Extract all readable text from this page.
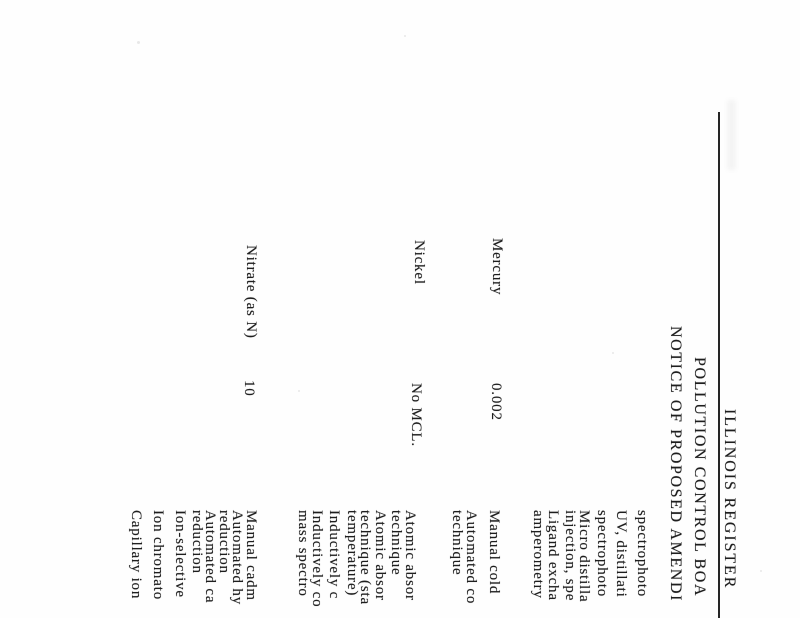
ILLINOIS REGISTER
POLLUTION CONTROL BOA
NOTICE OF PROPOSED AMENDI
spectrophoto
UV, distillati
spectrophoto
Micro distilla
injection, spe
Ligand excha
amperometry
Mercury
0.002
Manual cold
Automated co
technique
Nickel
No MCL.
Atomic absor
technique
Atomic absor
technique (sta
temperature)
Inductively c
Inductively co
mass spectro
Nitrate (as N)
10
Manual cadm
Automated hy
reduction
Automated ca
reduction
Ion-selective
Ion chromato
Capillary ion
